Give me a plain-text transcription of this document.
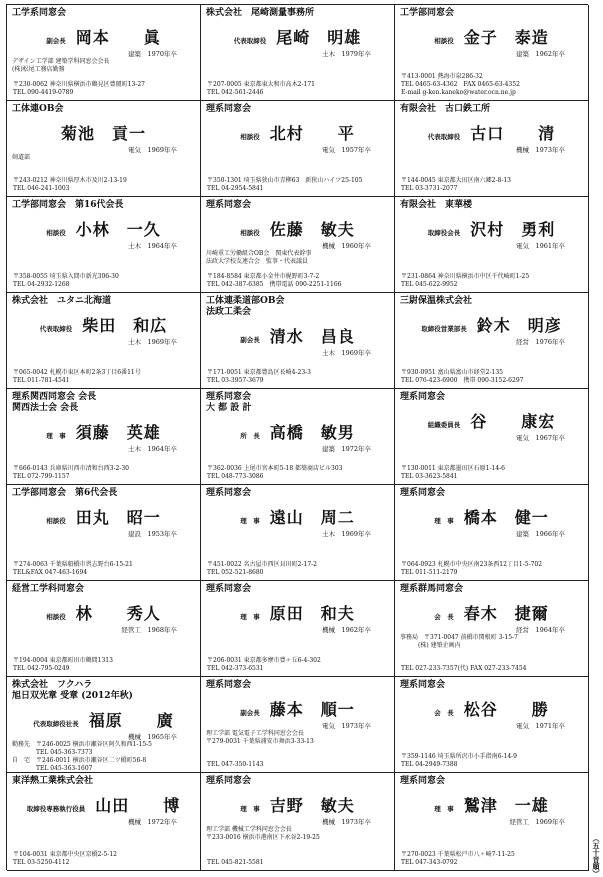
工学系同窓会
副会長 岡本　　眞
建築　1970年卒
デザイン工学部 建築学科同窓会会長
(株)松尾工務店勤務
〒230-0062 神奈川県横浜市鶴見区豊岡町13-27
TEL 090-4419-0789
株式会社　尾崎測量事務所
代表取締役 尾崎　明雄
土木　1979年卒
〒207-0005 東京都東大和市高木2-171
TEL 042-561-2446
工学部同窓会
相談役 金子　泰造
建築　1962年卒
〒413-0001 熱海市泉286-32
TEL 0465-63-4362　FAX 0465-63-4352
E-mail g-ken.kaneko@water.ocn.ne.jp
工体連OB会
菊池　貢一
電気　1969年卒
剣道部
〒243-0212 神奈川県厚木市及川2-13-19
TEL 046-241-1003
理系同窓会
相談役 北村　　平
電気　1957年卒
〒350-1301 埼玉県狭山市青柳63　新狭山ハイツ25-105
TEL 04-2954-5841
有限会社　古口鉄工所
代表取締役 古口　　清
機械　1973年卒
〒144-0045 東京都大田区南六郷2-8-13
TEL 03-3731-2077
工学部同窓会　第16代会長
相談役 小林　一久
土木　1964年卒
〒358-0055 埼玉県入間市新光306-30
TEL 04-2932-1268
理系同窓会
相談役 佐藤　敏夫
機械　1960年卒
川崎重工労働組合OB会　関東代表幹事
法政大学校友連合会　監事・代表議員
〒184-8584 東京都小金井市梶野町3-7-2
TEL 042-387-6385　携帯電話 090-2251-1166
有限会社　東華楼
取締役会長 沢村　勇利
電気　1961年卒
〒231-0864 神奈川県横浜市中区千代崎町1-25
TEL 045-622-9952
株式会社　ユタニ北海道
代表取締役 柴田　和広
土木　1969年卒
〒065-0042 札幌市東区本町2条3丁目6番11号
TEL 011-781-4541
工体連柔道部OB会
法政工柔会
副会長 清水　昌良
土木　1969年卒
〒171-0051 東京都豊島区長崎4-23-3
TEL 03-3957-3679
三尉保温株式会社
取締役営業部長 鈴木　明彦
経営　1976年卒
〒930-0951 富山県富山市経堂2-135
TEL 076-423-6900　携帯 090-3152-6297
理系関西同窓会 会長
関西法士会 会長
理　事 須藤　英雄
土木　1964年卒
〒666-0143 兵庫県川西市清和台西3-2-30
TEL 072-799-1157
理系同窓会
大 都 設 計
所　長 高橋　敏男
建築　1972年卒
〒362-0036 上尾市宮本町5-18 都築商店ビル303
TEL 048-773-3086
理系同窓会
組織委員長 谷　　康宏
電気　1967年卒
〒130-0011 東京都墨田区石原1-14-6
TEL 03-3623-5841
工学部同窓会　第6代会長
相談役 田丸　昭一
建設　1953年卒
〒274-0063 千葉県船橋市習志野台6-15-21
TEL&FAX 047-463-1694
理系同窓会
理　事 遠山　周二
土木　1969年卒
〒451-0022 名古屋市西区貝田町2-17-2
TEL 052-521-8680
理系同窓会
理　事 橋本　健一
建築　1966年卒
〒064-0923 札幌市中央区南23条西12丁目1-5-702
TEL 011-511-2179
経営工学科同窓会
相談役 林　　秀人
経管工　1968年卒
〒194-0004 東京都町田市鶴間1313
TEL 042-795-0249
理系同窓会
理　事 原田　和夫
機械　1962年卒
〒206-0031 東京都多摩市豊ヶ丘6-4-302
TEL 042-373-6531
理系群馬同窓会
会　長 春木　捷爾
経営　1964年卒
事務局　〒371-0047 前橋市関根町 3-15-7
　　　(株) 建築企画内
TEL 027-233-7357(代) FAX 027-233-7454
株式会社　フクハラ
旭日双光章 受章 (2012年秋)
代表取締役社長 福原　　廣
機械　1965年卒
勤務先　〒246-0025 横浜市瀬谷区阿久和西1-15-5
　　　　TEL 045-363-7373
自　宅　〒246-0011 横浜市瀬谷区二ツ橋町56-8
　　　　TEL 045-363-1607
理系同窓会
副会長 藤本　順一
電気　1973年卒
理工学部 電気電子工学科同窓会会長
〒279-0031 千葉県浦安市舞浜3-33-13
TEL 047-350-1143
理系同窓会
会　長 松谷　　勝
電気　1971年卒
〒359-1146 埼玉県所沢市小手指南6-14-9
TEL 04-2949-7388
東洋熱工業株式会社
取締役専務執行役員 山田　　博
機械　1972年卒
〒104-0031 東京都中央区京橋2-5-12
TEL 03-5250-4112
理系同窓会
理　事 吉野　敏夫
機械　1973年卒
理工学部 機械工学科同窓会会長
〒233-0016 横浜市港南区下永谷2-19-25
TEL 045-821-5581
理系同窓会
理　事 鷲津　一雄
経管工　1969年卒
〒270-0023 千葉県松戸市八ヶ崎7-11-25
TEL 047-343-0792	（五十音順）
